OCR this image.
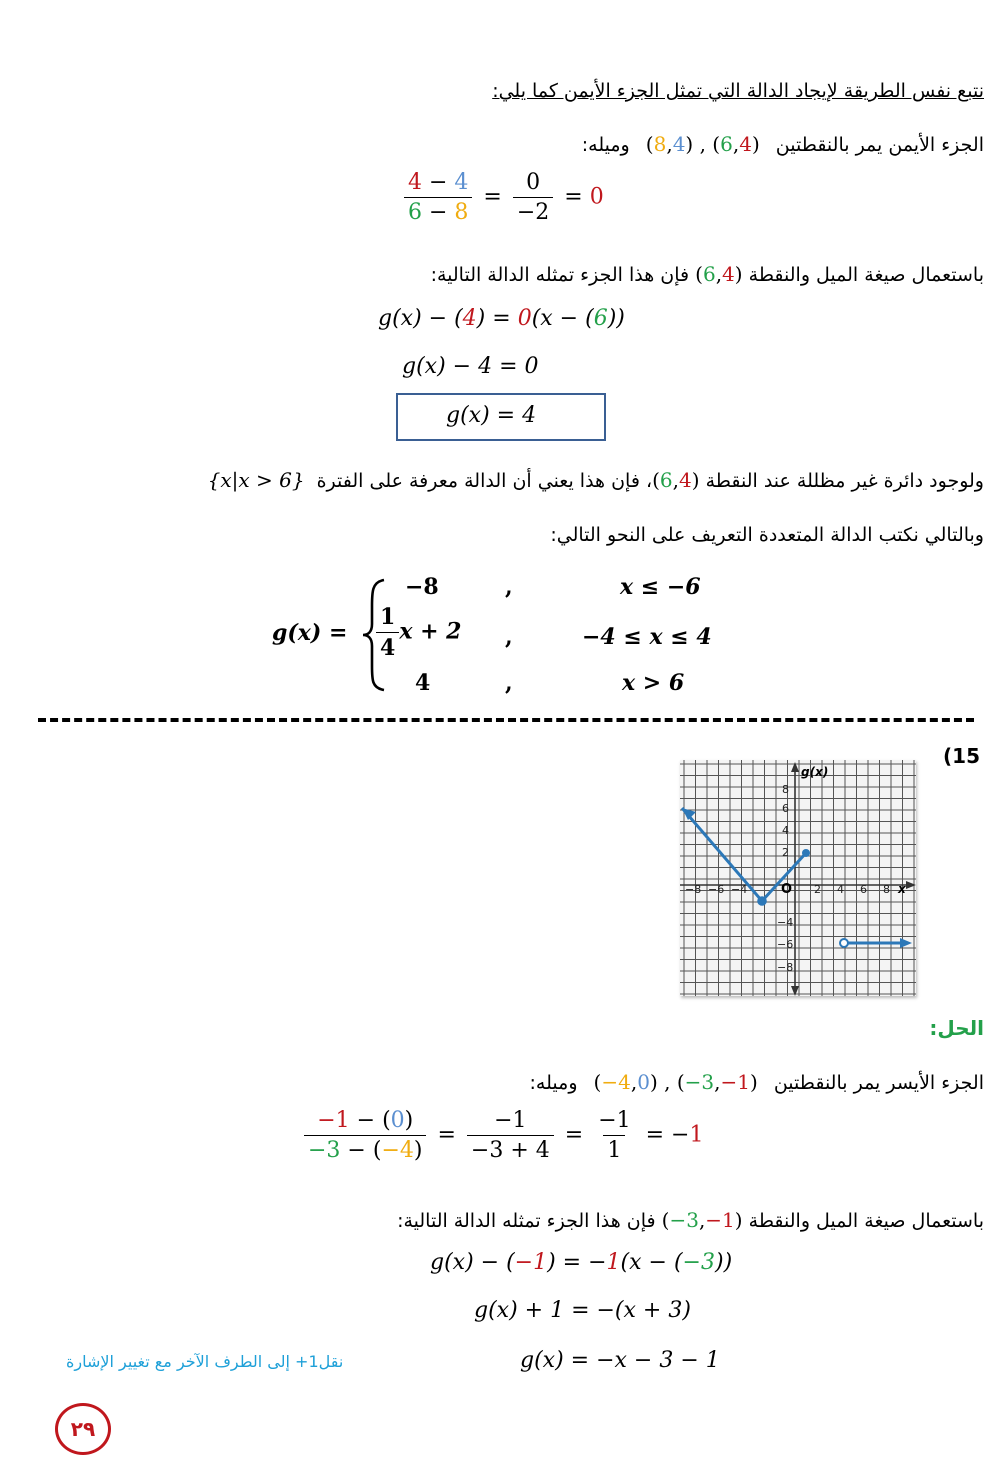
نتبع نفس الطريقة لإيجاد الدالة التي تمثل الجزء الأيمن كما يلي:
الجزء الأيمن يمر بالنقطتين (8,4) , (6,4) وميله:
$\frac{4 - 4}{6 - 8} = \frac{0}{-2} = 0$
باستعمال صيغة الميل والنقطة (6,4) فإن هذا الجزء تمثله الدالة التالية:
g(x) − (4) = 0(x − (6))
g(x) − 4 = 0
g(x) = 4
ولوجود دائرة غير مظللة عند النقطة (6,4)، فإن هذا يعني أن الدالة معرفة على الفترة {x|x > 6}
وبالتالي نكتب الدالة المتعددة التعريف على النحو التالي:
g(x) =
−8	,	x ≤ −6
$\frac{1}{4}$ x + 2 ,	−4 ≤ x ≤ 4
4	,	x > 6
(15
g(x)
x
O
−8 −6 −4	2 4 6 8
8
6
4
2
−4
−6
−8
الحل:
الجزء الأيسر يمر بالنقطتين (−4,0) , (−3,−1) وميله:
$\frac{-1 - (0)}{-3 - (-4)} = \frac{-1}{-3 + 4} = \frac{-1}{1} = -1$
باستعمال صيغة الميل والنقطة (−3,−1) فإن هذا الجزء تمثله الدالة التالية:
g(x) − (−1) = −1(x − (−3))
g(x) + 1 = −(x + 3)
g(x) = −x − 3 − 1
نقل1+ إلى الطرف الآخر مع تغيير الإشارة
٢٩
